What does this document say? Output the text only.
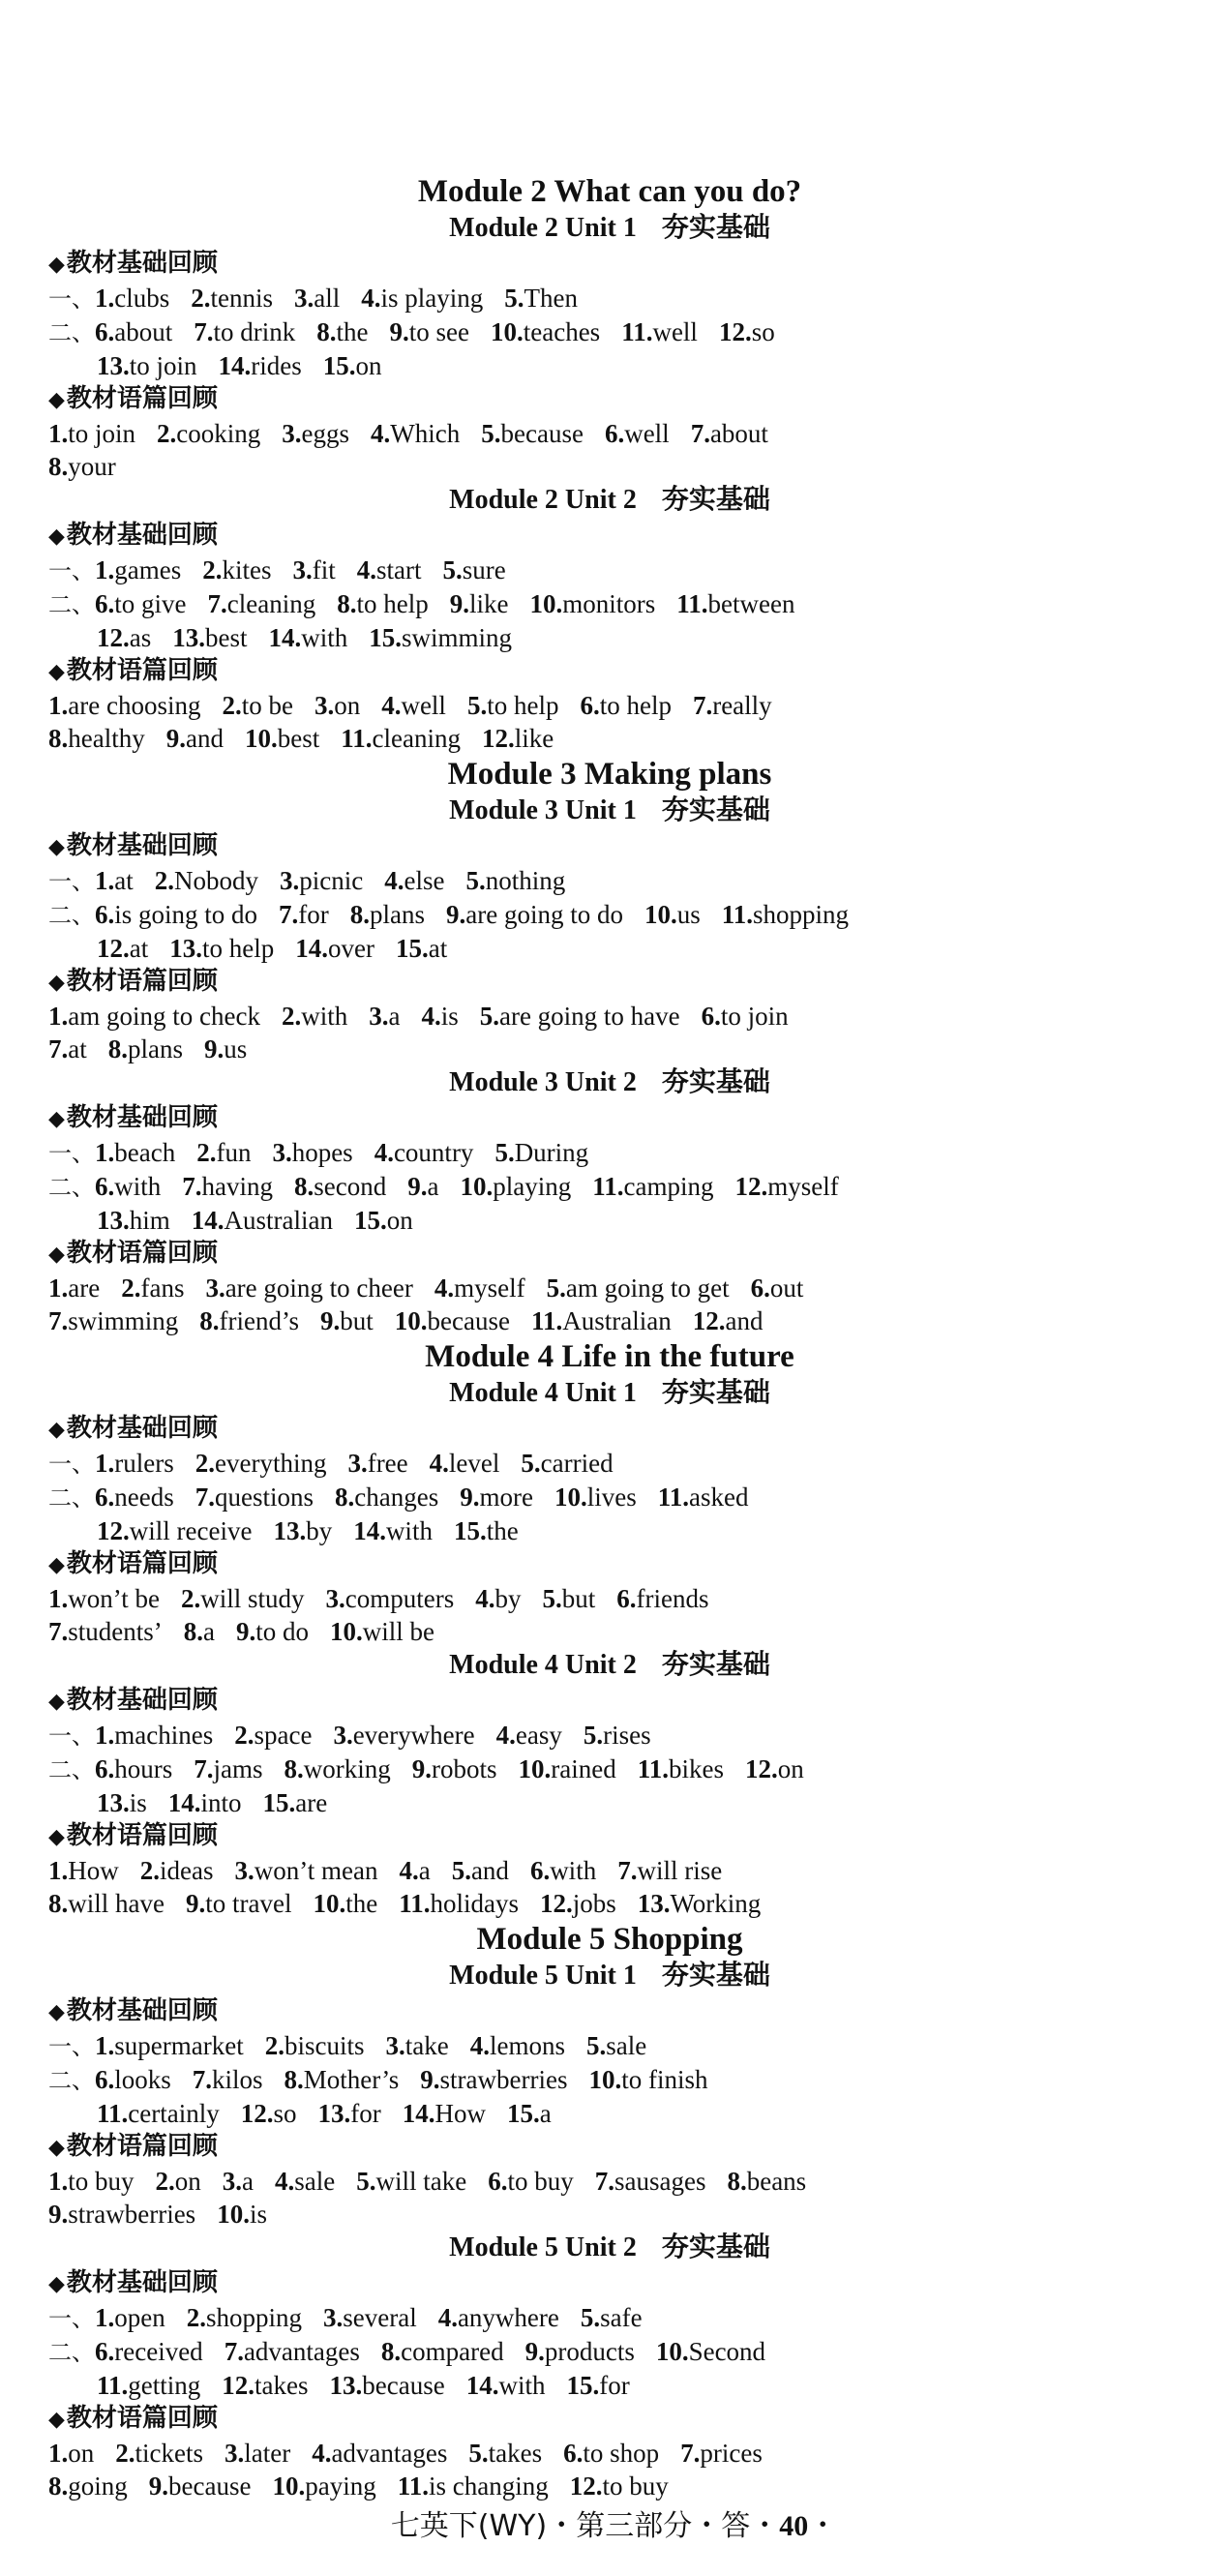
Module 2 What can you do?
Module 2 Unit 1 夯实基础
◆教材基础回顾
一、1.clubs 2.tennis 3.all 4.is playing 5.Then
二、6.about 7.to drink 8.the 9.to see 10.teaches 11.well 12.so
13.to join 14.rides 15.on
◆教材语篇回顾
1.to join 2.cooking 3.eggs 4.Which 5.because 6.well 7.about
8.your
Module 2 Unit 2 夯实基础
◆教材基础回顾
一、1.games 2.kites 3.fit 4.start 5.sure
二、6.to give 7.cleaning 8.to help 9.like 10.monitors 11.between
12.as 13.best 14.with 15.swimming
◆教材语篇回顾
1.are choosing 2.to be 3.on 4.well 5.to help 6.to help 7.really
8.healthy 9.and 10.best 11.cleaning 12.like
Module 3 Making plans
Module 3 Unit 1 夯实基础
◆教材基础回顾
一、1.at 2.Nobody 3.picnic 4.else 5.nothing
二、6.is going to do 7.for 8.plans 9.are going to do 10.us 11.shopping
12.at 13.to help 14.over 15.at
◆教材语篇回顾
1.am going to check 2.with 3.a 4.is 5.are going to have 6.to join
7.at 8.plans 9.us
Module 3 Unit 2 夯实基础
◆教材基础回顾
一、1.beach 2.fun 3.hopes 4.country 5.During
二、6.with 7.having 8.second 9.a 10.playing 11.camping 12.myself
13.him 14.Australian 15.on
◆教材语篇回顾
1.are 2.fans 3.are going to cheer 4.myself 5.am going to get 6.out
7.swimming 8.friend’s 9.but 10.because 11.Australian 12.and
Module 4 Life in the future
Module 4 Unit 1 夯实基础
◆教材基础回顾
一、1.rulers 2.everything 3.free 4.level 5.carried
二、6.needs 7.questions 8.changes 9.more 10.lives 11.asked
12.will receive 13.by 14.with 15.the
◆教材语篇回顾
1.won’t be 2.will study 3.computers 4.by 5.but 6.friends
7.students’ 8.a 9.to do 10.will be
Module 4 Unit 2 夯实基础
◆教材基础回顾
一、1.machines 2.space 3.everywhere 4.easy 5.rises
二、6.hours 7.jams 8.working 9.robots 10.rained 11.bikes 12.on
13.is 14.into 15.are
◆教材语篇回顾
1.How 2.ideas 3.won’t mean 4.a 5.and 6.with 7.will rise
8.will have 9.to travel 10.the 11.holidays 12.jobs 13.Working
Module 5 Shopping
Module 5 Unit 1 夯实基础
◆教材基础回顾
一、1.supermarket 2.biscuits 3.take 4.lemons 5.sale
二、6.looks 7.kilos 8.Mother’s 9.strawberries 10.to finish
11.certainly 12.so 13.for 14.How 15.a
◆教材语篇回顾
1.to buy 2.on 3.a 4.sale 5.will take 6.to buy 7.sausages 8.beans
9.strawberries 10.is
Module 5 Unit 2 夯实基础
◆教材基础回顾
一、1.open 2.shopping 3.several 4.anywhere 5.safe
二、6.received 7.advantages 8.compared 9.products 10.Second
11.getting 12.takes 13.because 14.with 15.for
◆教材语篇回顾
1.on 2.tickets 3.later 4.advantages 5.takes 6.to shop 7.prices
8.going 9.because 10.paying 11.is changing 12.to buy
七英下(WY)・第三部分・答・40・
